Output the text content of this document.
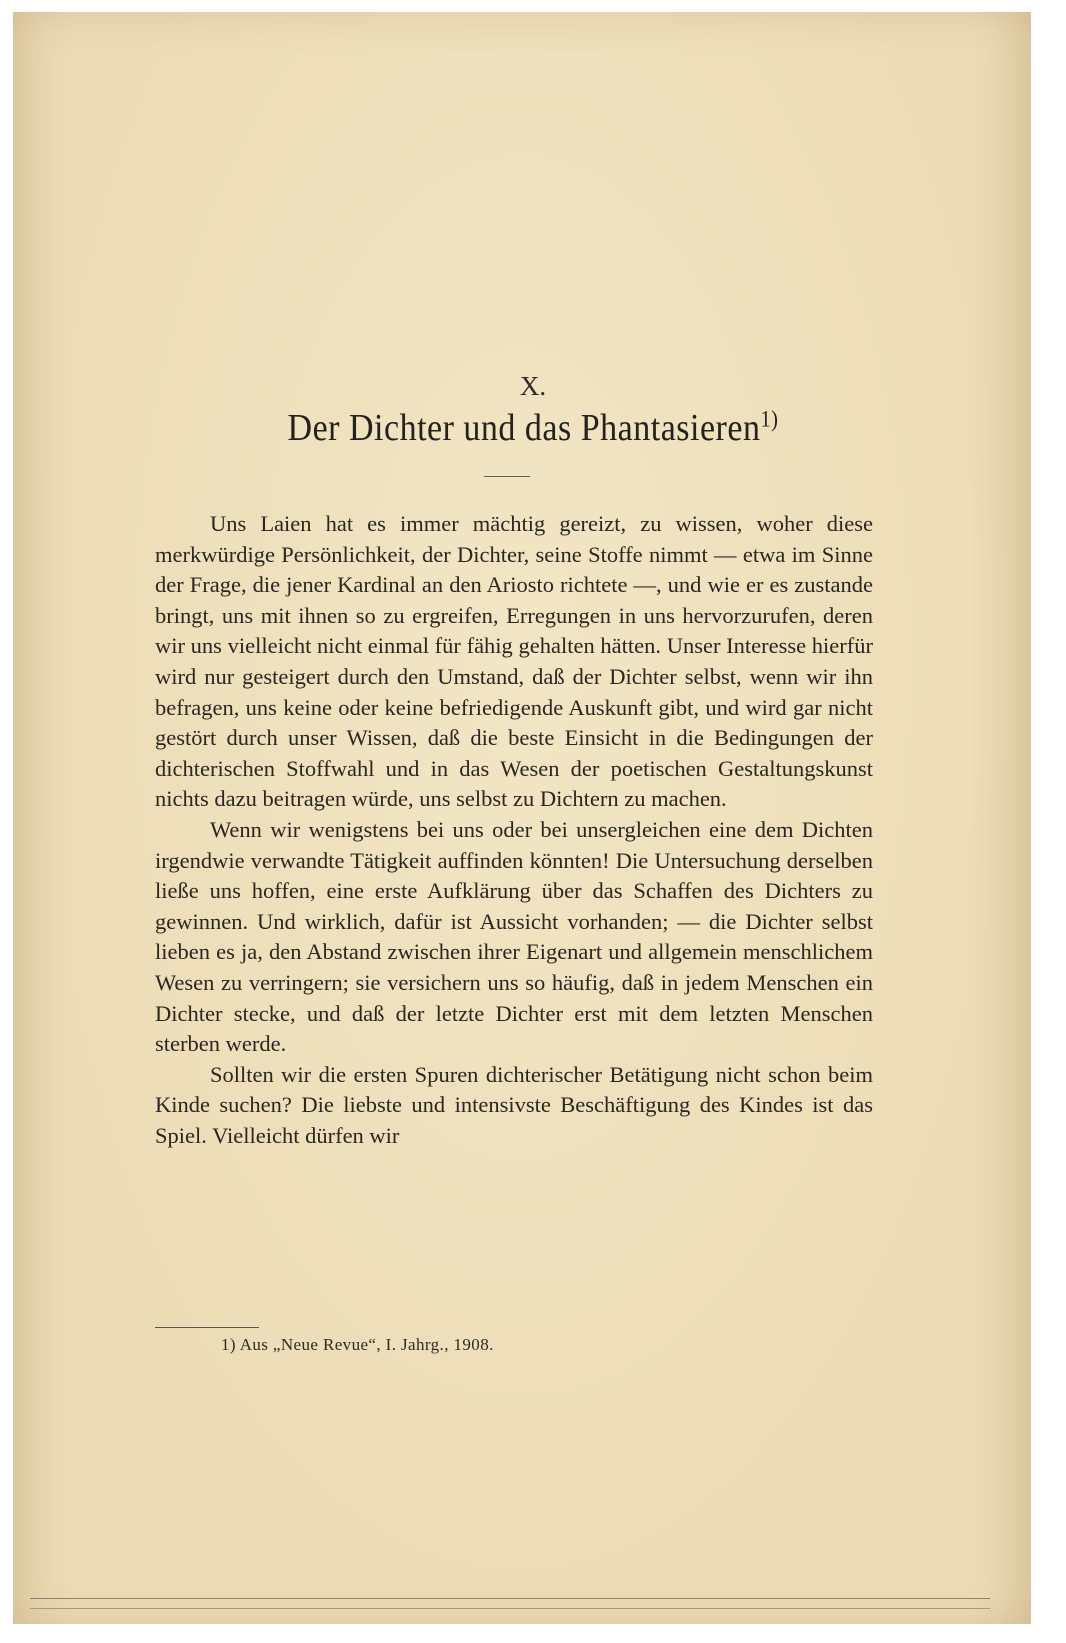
X.

Der Dichter und das Phantasieren$^{1)}$

Uns Laien hat es immer mächtig gereizt, zu wissen, woher diese merkwürdige Persönlichkeit, der Dichter, seine Stoffe nimmt — etwa im Sinne der Frage, die jener Kardinal an den Ariosto richtete —, und wie er es zustande bringt, uns mit ihnen so zu ergreifen, Erregungen in uns hervorzurufen, deren wir uns vielleicht nicht einmal für fähig gehalten hätten. Unser Interesse hierfür wird nur gesteigert durch den Umstand, daß der Dichter selbst, wenn wir ihn befragen, uns keine oder keine befriedigende Auskunft gibt, und wird gar nicht gestört durch unser Wissen, daß die beste Einsicht in die Bedingungen der dichterischen Stoffwahl und in das Wesen der poetischen Gestaltungskunst nichts dazu beitragen würde, uns selbst zu Dichtern zu machen.

Wenn wir wenigstens bei uns oder bei unsergleichen eine dem Dichten irgendwie verwandte Tätigkeit auffinden könnten! Die Untersuchung derselben ließe uns hoffen, eine erste Aufklärung über das Schaffen des Dichters zu gewinnen. Und wirklich, dafür ist Aussicht vorhanden; — die Dichter selbst lieben es ja, den Abstand zwischen ihrer Eigenart und allgemein menschlichem Wesen zu verringern; sie versichern uns so häufig, daß in jedem Menschen ein Dichter stecke, und daß der letzte Dichter erst mit dem letzten Menschen sterben werde.

Sollten wir die ersten Spuren dichterischer Betätigung nicht schon beim Kinde suchen? Die liebste und intensivste Beschäftigung des Kindes ist das Spiel. Vielleicht dürfen wir

1) Aus „Neue Revue“, I. Jahrg., 1908.
